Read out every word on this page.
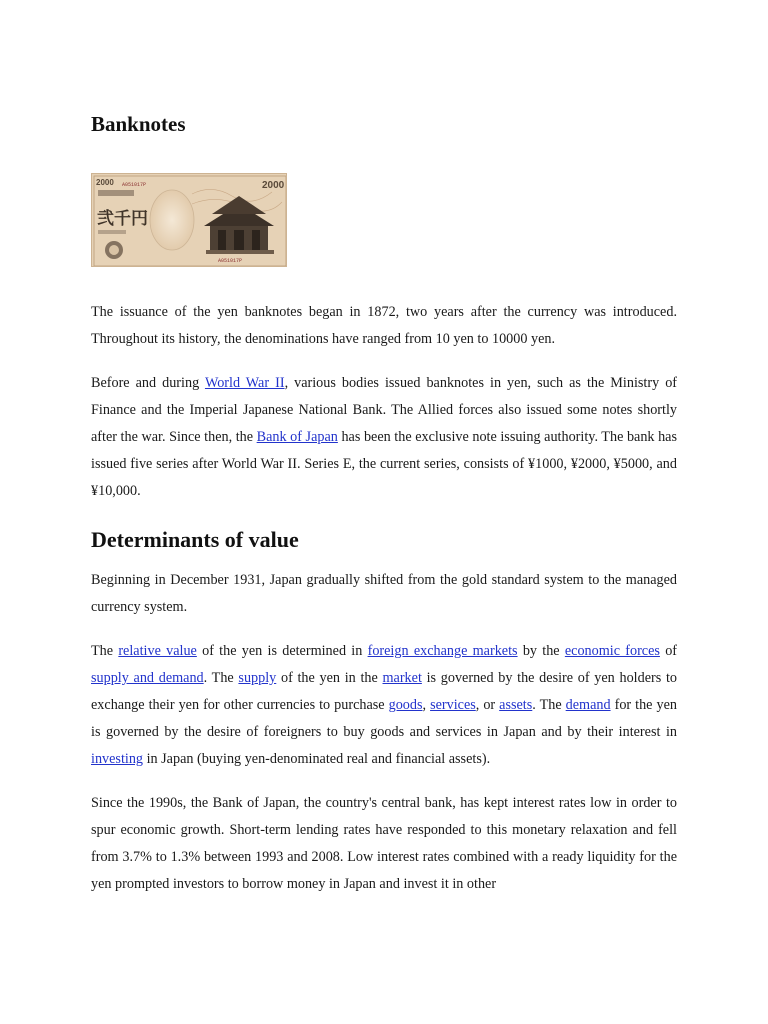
Banknotes
2000 A051017P
弐千円
2000
A051017P

The issuance of the yen banknotes began in 1872, two years after the currency was introduced. Throughout its history, the denominations have ranged from 10 yen to 10000 yen.

Before and during World War II, various bodies issued banknotes in yen, such as the Ministry of Finance and the Imperial Japanese National Bank. The Allied forces also issued some notes shortly after the war. Since then, the Bank of Japan has been the exclusive note issuing authority. The bank has issued five series after World War II. Series E, the current series, consists of ¥1000, ¥2000, ¥5000, and ¥10,000.

Determinants of value

Beginning in December 1931, Japan gradually shifted from the gold standard system to the managed currency system.

The relative value of the yen is determined in foreign exchange markets by the economic forces of supply and demand. The supply of the yen in the market is governed by the desire of yen holders to exchange their yen for other currencies to purchase goods, services, or assets. The demand for the yen is governed by the desire of foreigners to buy goods and services in Japan and by their interest in investing in Japan (buying yen-denominated real and financial assets).

Since the 1990s, the Bank of Japan, the country's central bank, has kept interest rates low in order to spur economic growth. Short-term lending rates have responded to this monetary relaxation and fell from 3.7% to 1.3% between 1993 and 2008. Low interest rates combined with a ready liquidity for the yen prompted investors to borrow money in Japan and invest it in other
